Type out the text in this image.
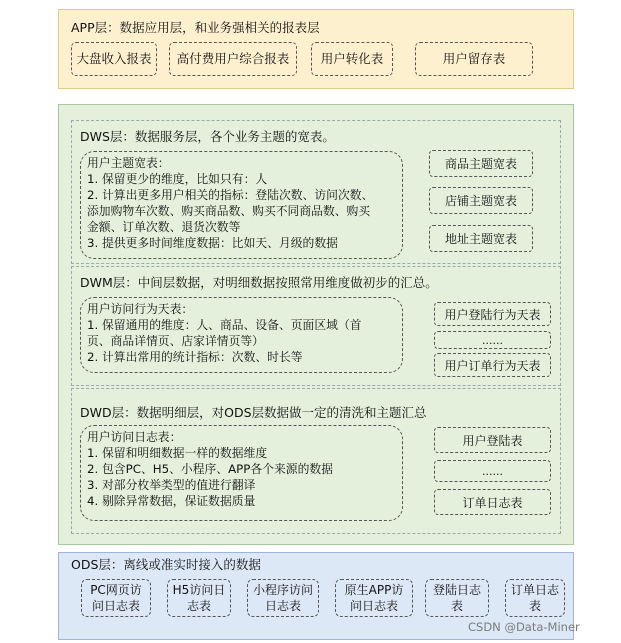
APP层：数据应用层，和业务强相关的报表层
大盘收入报表	高付费用户综合报表	用户转化表	用户留存表
DWS层：数据服务层，各个业务主题的宽表。
用户主题宽表：
1. 保留更少的维度，比如只有：人
2. 计算出更多用户相关的指标：登陆次数、访问次数、
添加购物车次数、购买商品数、购买不同商品数、购买
金额、订单次数、退货次数等
3. 提供更多时间维度数据：比如天、月级的数据
商品主题宽表
店铺主题宽表
地址主题宽表
DWM层：中间层数据，对明细数据按照常用维度做初步的汇总。
用户访问行为天表：
1. 保留通用的维度：人、商品、设备、页面区域（首
页、商品详情页、店家详情页等）
2. 计算出常用的统计指标：次数、时长等
用户登陆行为天表
......
用户订单行为天表
DWD层：数据明细层，对ODS层数据做一定的清洗和主题汇总
用户访问日志表：
1. 保留和明细数据一样的数据维度
2. 包含PC、H5、小程序、APP各个来源的数据
3. 对部分枚举类型的值进行翻译
4. 剔除异常数据，保证数据质量
用户登陆表
......
订单日志表
ODS层：离线或准实时接入的数据
PC网页访
问日志表
H5访问日
志表
小程序访问
日志表
原生APP访
问日志表
登陆日志
表
订单日志
表
CSDN @Data-Miner
